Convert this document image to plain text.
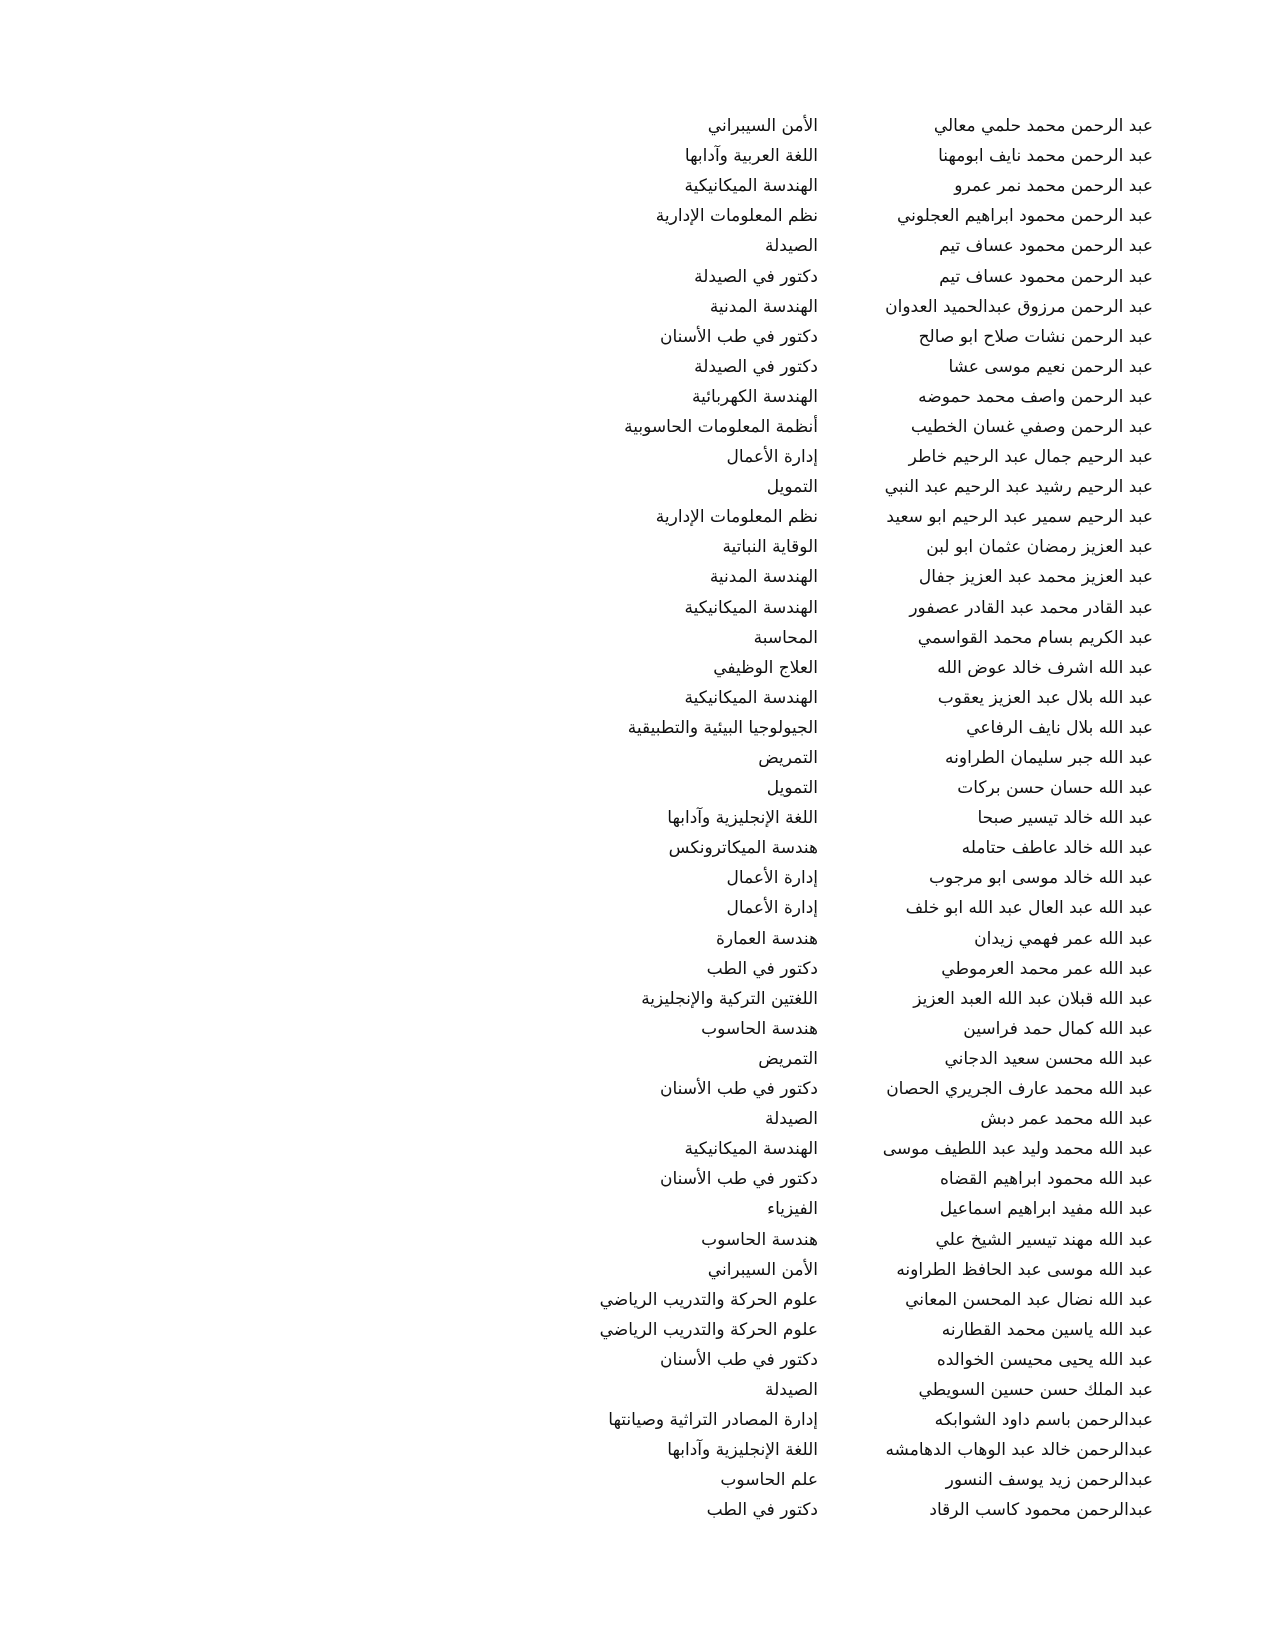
عبد الرحمن محمد حلمي معالي
الأمن السيبراني
عبد الرحمن محمد نايف ابومهنا
اللغة العربية وآدابها
عبد الرحمن محمد نمر عمرو
الهندسة الميكانيكية
عبد الرحمن محمود ابراهيم العجلوني
نظم المعلومات الإدارية
عبد الرحمن محمود عساف تيم
الصيدلة
عبد الرحمن محمود عساف تيم
دكتور في الصيدلة
عبد الرحمن مرزوق عبدالحميد العدوان
الهندسة المدنية
عبد الرحمن نشات صلاح ابو صالح
دكتور في طب الأسنان
عبد الرحمن نعيم موسى عشا
دكتور في الصيدلة
عبد الرحمن واصف محمد حموضه
الهندسة الكهربائية
عبد الرحمن وصفي غسان الخطيب
أنظمة المعلومات الحاسوبية
عبد الرحيم جمال عبد الرحيم خاطر
إدارة الأعمال
عبد الرحيم رشيد عبد الرحيم عبد النبي
التمويل
عبد الرحيم سمير عبد الرحيم ابو سعيد
نظم المعلومات الإدارية
عبد العزيز رمضان عثمان ابو لبن
الوقاية النباتية
عبد العزيز محمد عبد العزيز جفال
الهندسة المدنية
عبد القادر محمد عبد القادر عصفور
الهندسة الميكانيكية
عبد الكريم بسام محمد القواسمي
المحاسبة
عبد الله اشرف خالد عوض الله
العلاج الوظيفي
عبد الله بلال عبد العزيز يعقوب
الهندسة الميكانيكية
عبد الله بلال نايف الرفاعي
الجيولوجيا البيئية والتطبيقية
عبد الله جبر سليمان الطراونه
التمريض
عبد الله حسان حسن بركات
التمويل
عبد الله خالد تيسير صبحا
اللغة الإنجليزية وآدابها
عبد الله خالد عاطف حتامله
هندسة الميكاترونكس
عبد الله خالد موسى ابو مرجوب
إدارة الأعمال
عبد الله عبد العال عبد الله ابو خلف
إدارة الأعمال
عبد الله عمر فهمي زيدان
هندسة العمارة
عبد الله عمر محمد العرموطي
دكتور في الطب
عبد الله قبلان عبد الله العبد العزيز
اللغتين التركية والإنجليزية
عبد الله كمال حمد فراسين
هندسة الحاسوب
عبد الله محسن سعيد الدجاني
التمريض
عبد الله محمد عارف الجريري الحصان
دكتور في طب الأسنان
عبد الله محمد عمر دبش
الصيدلة
عبد الله محمد وليد عبد اللطيف موسى
الهندسة الميكانيكية
عبد الله محمود ابراهيم القضاه
دكتور في طب الأسنان
عبد الله مفيد ابراهيم اسماعيل
الفيزياء
عبد الله مهند تيسير الشيخ علي
هندسة الحاسوب
عبد الله موسى عبد الحافظ الطراونه
الأمن السيبراني
عبد الله نضال عبد المحسن المعاني
علوم الحركة والتدريب الرياضي
عبد الله ياسين محمد القطارنه
علوم الحركة والتدريب الرياضي
عبد الله يحيى محيسن الخوالده
دكتور في طب الأسنان
عبد الملك حسن حسين السويطي
الصيدلة
عبدالرحمن باسم داود الشوابكه
إدارة المصادر التراثية وصيانتها
عبدالرحمن خالد عبد الوهاب الدهامشه
اللغة الإنجليزية وآدابها
عبدالرحمن زيد يوسف النسور
علم الحاسوب
عبدالرحمن محمود كاسب الرقاد
دكتور في الطب
